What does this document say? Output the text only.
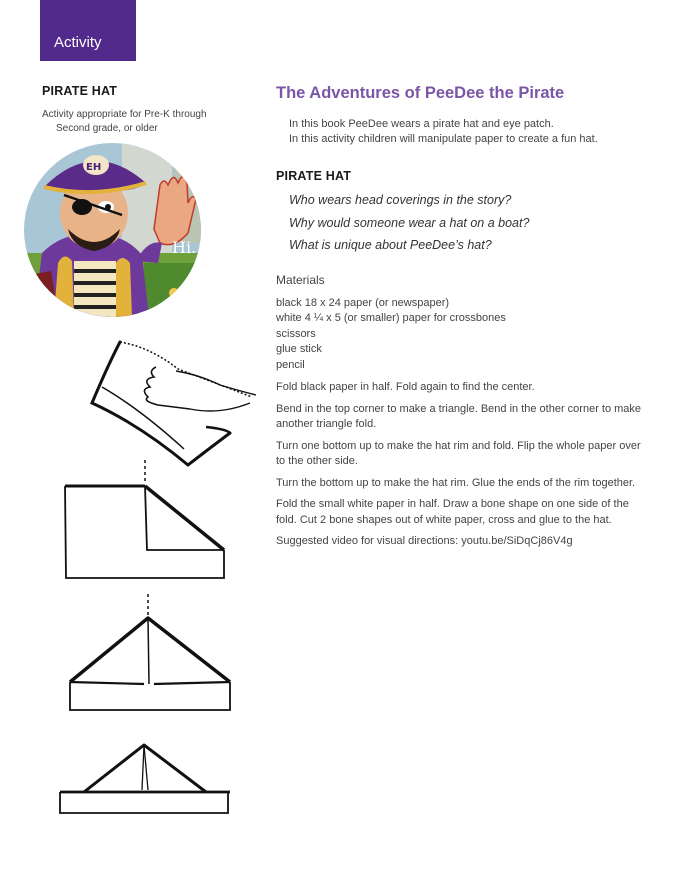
Activity
PIRATE HAT
Activity appropriate for Pre-K through
Second grade, or older
EH
Hi.
The Adventures of PeeDee the Pirate
In this book PeeDee wears a pirate hat and eye patch.
In this activity children will manipulate paper to create a fun hat.
PIRATE HAT
Who wears head coverings in the story?
Why would someone wear a hat on a boat?
What is unique about PeeDee’s hat?
Materials
black 18 x 24 paper (or newspaper)
white 4 ¼ x 5 (or smaller) paper for crossbones
scissors
glue stick
pencil
Fold black paper in half. Fold again to find the center.
Bend in the top corner to make a triangle. Bend in the other corner to make another triangle fold.
Turn one bottom up to make the hat rim and fold. Flip the whole paper over to the other side.
Turn the bottom up to make the hat rim. Glue the ends of the rim together.
Fold the small white paper in half. Draw a bone shape on one side of the fold. Cut 2 bone shapes out of white paper, cross and glue to the hat.
Suggested video for visual directions: youtu.be/SiDqCj86V4g
